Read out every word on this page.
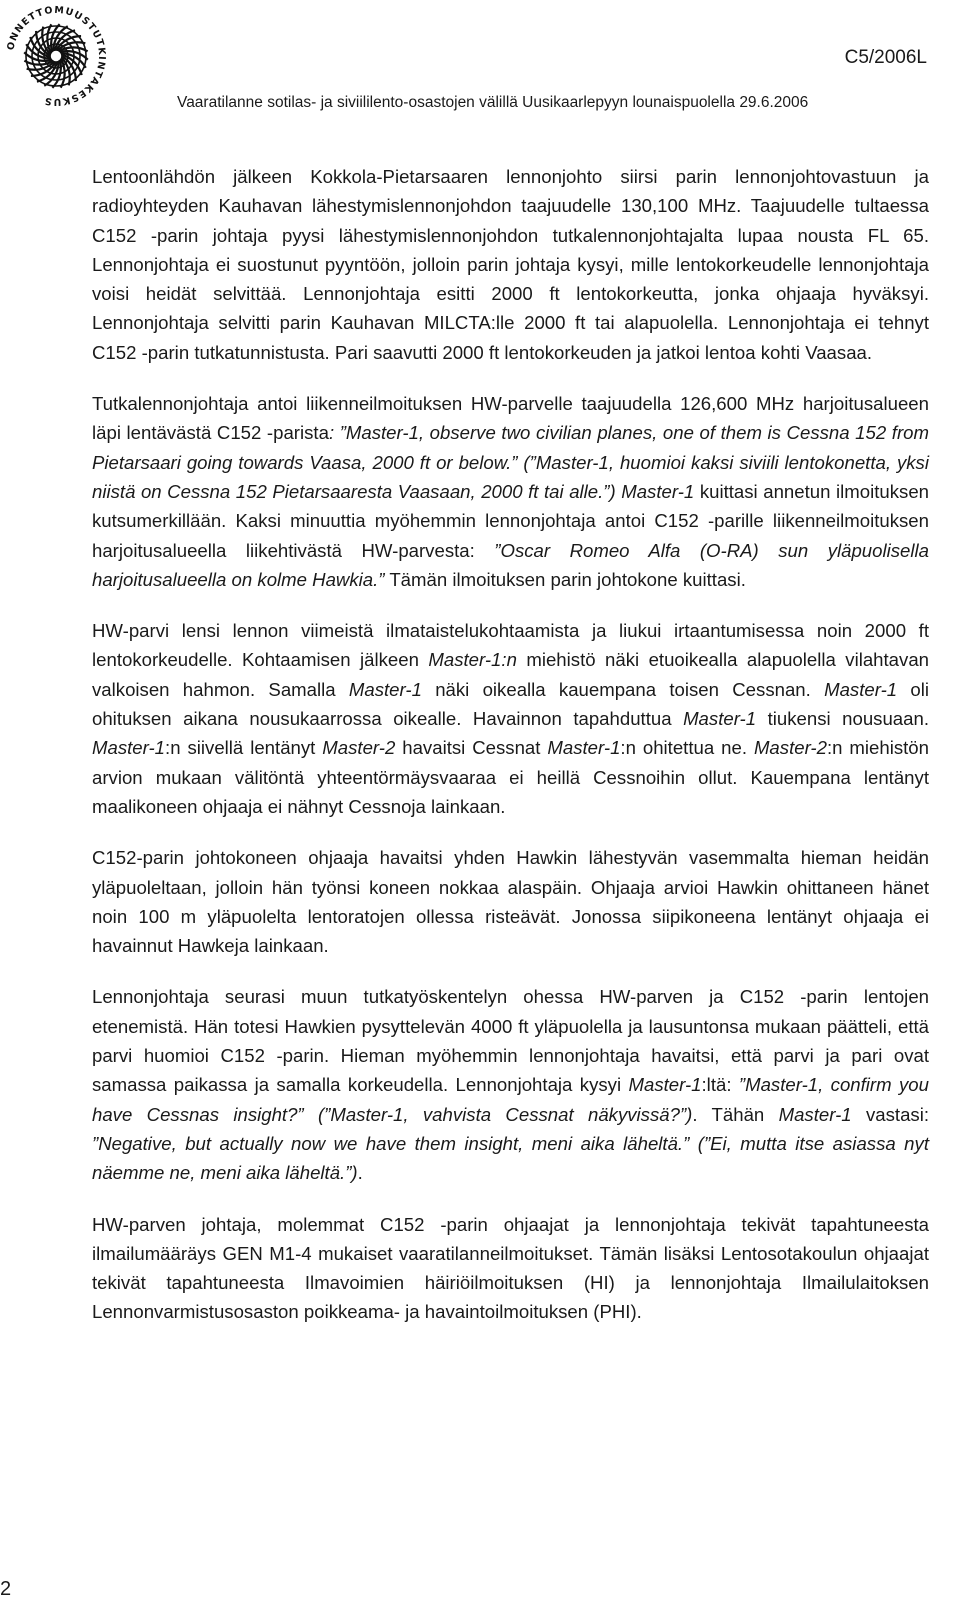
ONNETTOMUUSTUTKINTAKESKUS
C5/2006L
Vaaratilanne sotilas- ja siviililento-osastojen välillä Uusikaarlepyyn lounaispuolella 29.6.2006

Lentoonlähdön jälkeen Kokkola-Pietarsaaren lennonjohto siirsi parin lennonjohtovastuun ja radioyhteyden Kauhavan lähestymislennonjohdon taajuudelle 130,100 MHz. Taajuudelle tultaessa C152 -parin johtaja pyysi lähestymislennonjohdon tutkalennonjohtajalta lupaa nousta FL 65. Lennonjohtaja ei suostunut pyyntöön, jolloin parin johtaja kysyi, mille lentokorkeudelle lennonjohtaja voisi heidät selvittää. Lennonjohtaja esitti 2000 ft lentokorkeutta, jonka ohjaaja hyväksyi. Lennonjohtaja selvitti parin Kauhavan MILCTA:lle 2000 ft tai alapuolella. Lennonjohtaja ei tehnyt C152 -parin tutkatunnistusta. Pari saavutti 2000 ft lentokorkeuden ja jatkoi lentoa kohti Vaasaa.

Tutkalennonjohtaja antoi liikenneilmoituksen HW-parvelle taajuudella 126,600 MHz harjoitusalueen läpi lentävästä C152 -parista: ”Master-1, observe two civilian planes, one of them is Cessna 152 from Pietarsaari going towards Vaasa, 2000 ft or below.” (”Master-1, huomioi kaksi siviili lentokonetta, yksi niistä on Cessna 152 Pietarsaaresta Vaasaan, 2000 ft tai alle.”) Master-1 kuittasi annetun ilmoituksen kutsumerkillään. Kaksi minuuttia myöhemmin lennonjohtaja antoi C152 -parille liikenneilmoituksen harjoitusalueella liikehtivästä HW-parvesta: ”Oscar Romeo Alfa (O-RA) sun yläpuolisella harjoitusalueella on kolme Hawkia.” Tämän ilmoituksen parin johtokone kuittasi.

HW-parvi lensi lennon viimeistä ilmataistelukohtaamista ja liukui irtaantumisessa noin 2000 ft lentokorkeudelle. Kohtaamisen jälkeen Master-1:n miehistö näki etuoikealla alapuolella vilahtavan valkoisen hahmon. Samalla Master-1 näki oikealla kauempana toisen Cessnan. Master-1 oli ohituksen aikana nousukaarrossa oikealle. Havainnon tapahduttua Master-1 tiukensi nousuaan. Master-1:n siivellä lentänyt Master-2 havaitsi Cessnat Master-1:n ohitettua ne. Master-2:n miehistön arvion mukaan välitöntä yhteentörmäysvaaraa ei heillä Cessnoihin ollut. Kauempana lentänyt maalikoneen ohjaaja ei nähnyt Cessnoja lainkaan.

C152-parin johtokoneen ohjaaja havaitsi yhden Hawkin lähestyvän vasemmalta hieman heidän yläpuoleltaan, jolloin hän työnsi koneen nokkaa alaspäin. Ohjaaja arvioi Hawkin ohittaneen hänet noin 100 m yläpuolelta lentoratojen ollessa risteävät. Jonossa siipikoneena lentänyt ohjaaja ei havainnut Hawkeja lainkaan.

Lennonjohtaja seurasi muun tutkatyöskentelyn ohessa HW-parven ja C152 -parin lentojen etenemistä. Hän totesi Hawkien pysyttelevän 4000 ft yläpuolella ja lausuntonsa mukaan päätteli, että parvi huomioi C152 -parin. Hieman myöhemmin lennonjohtaja havaitsi, että parvi ja pari ovat samassa paikassa ja samalla korkeudella. Lennonjohtaja kysyi Master-1:ltä: ”Master-1, confirm you have Cessnas insight?” (”Master-1, vahvista Cessnat näkyvissä?”). Tähän Master-1 vastasi: ”Negative, but actually now we have them insight, meni aika läheltä.” (”Ei, mutta itse asiassa nyt näemme ne, meni aika läheltä.”).

HW-parven johtaja, molemmat C152 -parin ohjaajat ja lennonjohtaja tekivät tapahtuneesta ilmailumääräys GEN M1-4 mukaiset vaaratilanneilmoitukset. Tämän lisäksi Lentosotakoulun ohjaajat tekivät tapahtuneesta Ilmavoimien häiriöilmoituksen (HI) ja lennonjohtaja Ilmailulaitoksen Lennonvarmistusosaston poikkeama- ja havaintoilmoituksen (PHI).

2
